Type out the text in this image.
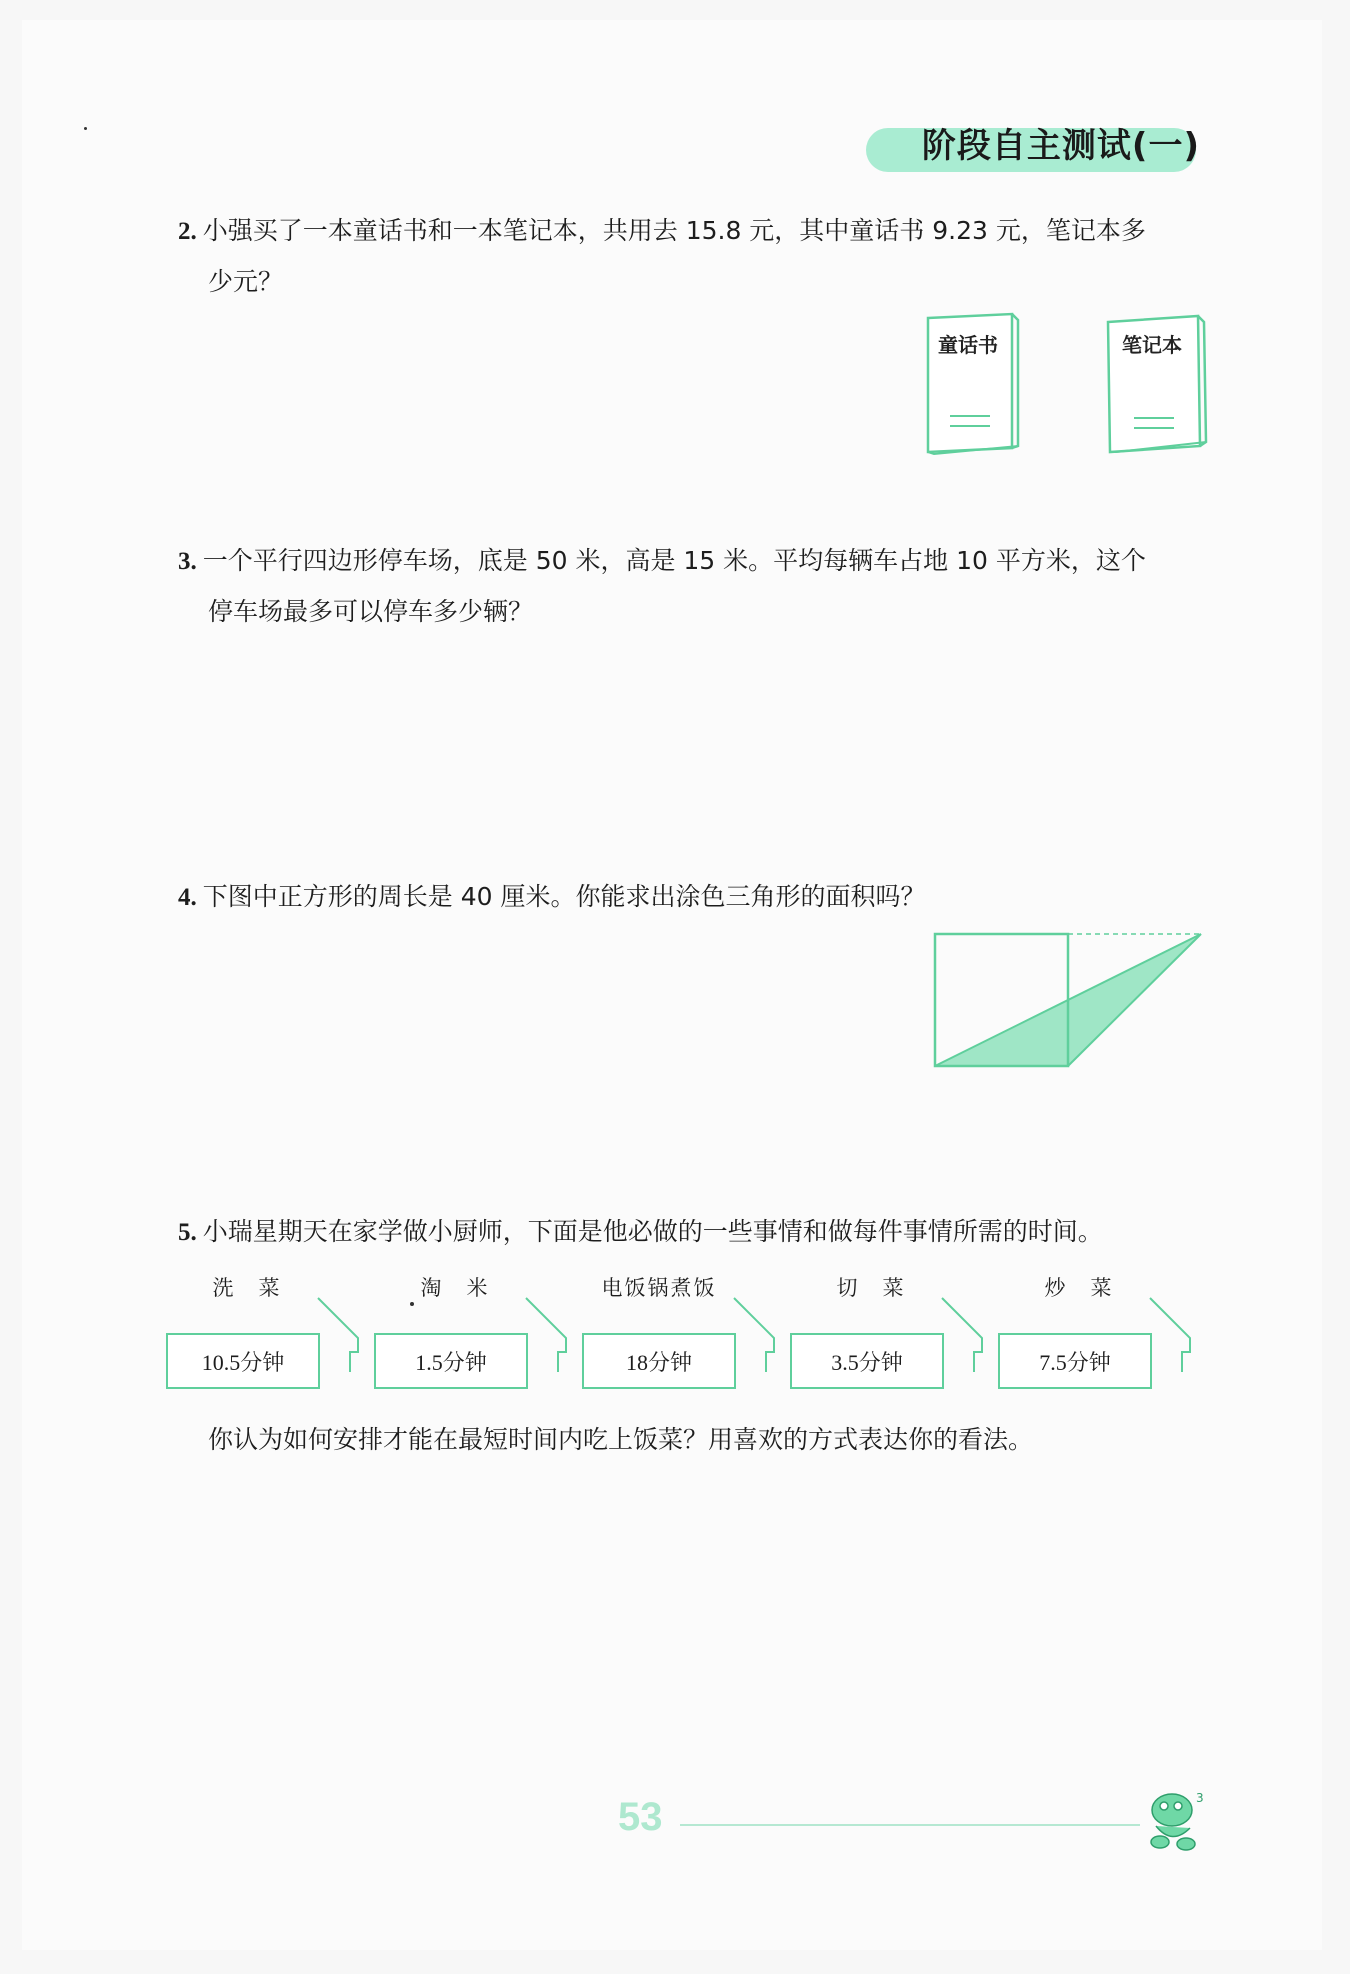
阶段自主测试(一)
2. 小强买了一本童话书和一本笔记本，共用去 15.8 元，其中童话书 9.23 元，笔记本多
少元？
童话书	笔记本
3. 一个平行四边形停车场，底是 50 米，高是 15 米。平均每辆车占地 10 平方米，这个
停车场最多可以停车多少辆？
4. 下图中正方形的周长是 40 厘米。你能求出涂色三角形的面积吗？
5. 小瑞星期天在家学做小厨师，下面是他必做的一些事情和做每件事情所需的时间。
洗　菜	淘　米	电饭锅煮饭	切　菜	炒　菜
10.5分钟	1.5分钟	18分钟	3.5分钟	7.5分钟
你认为如何安排才能在最短时间内吃上饭菜？用喜欢的方式表达你的看法。
53	3
